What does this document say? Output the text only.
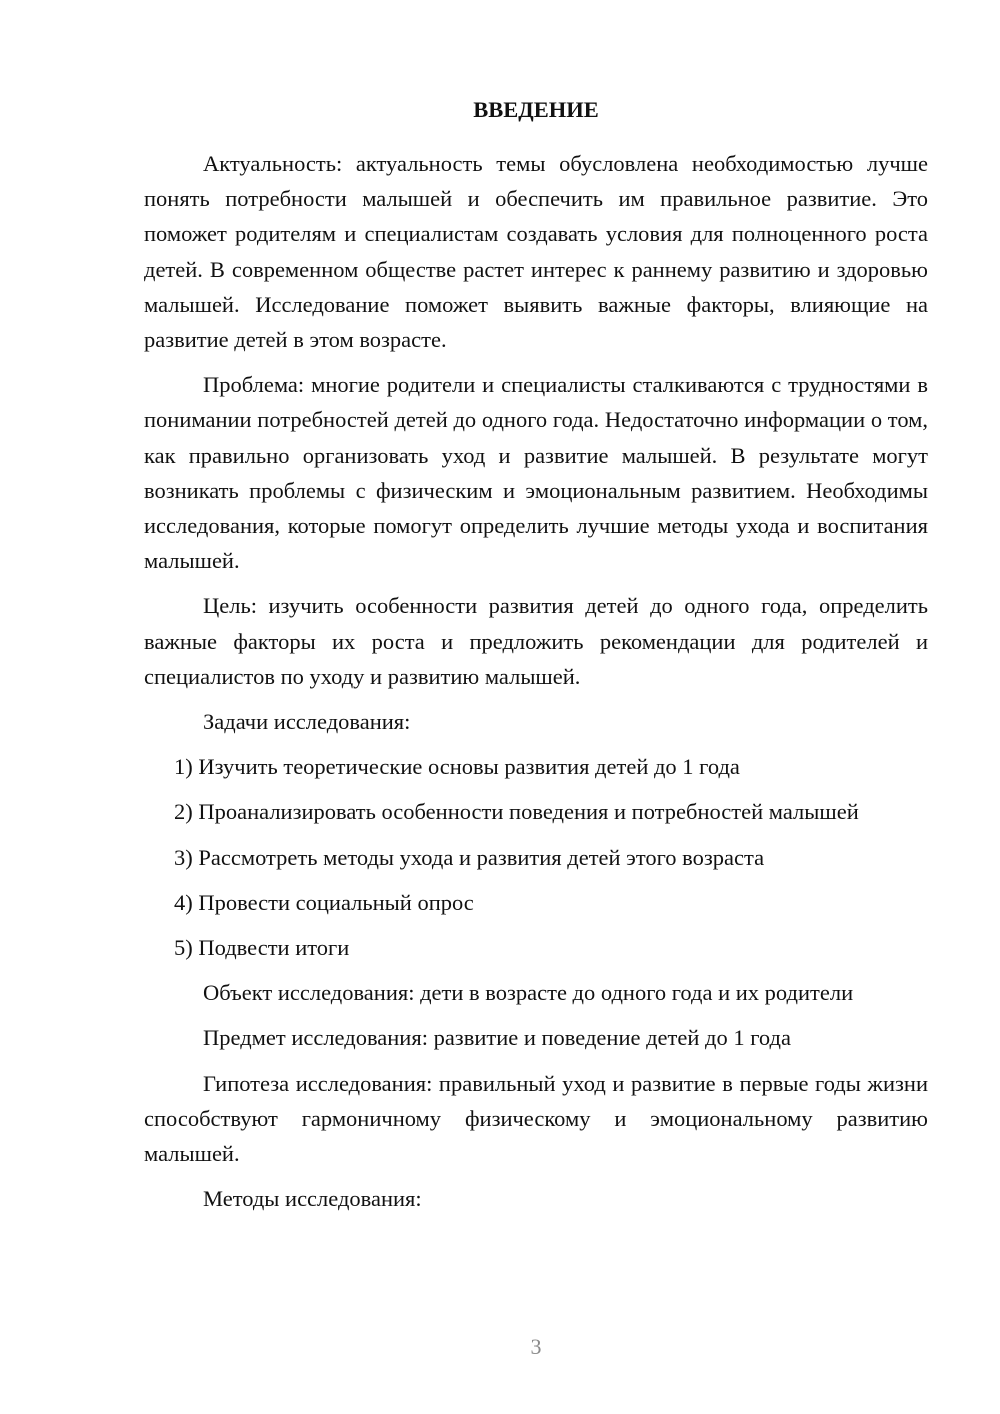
ВВЕДЕНИЕ

Актуальность: актуальность темы обусловлена необходимостью лучше понять потребности малышей и обеспечить им правильное развитие. Это поможет родителям и специалистам создавать условия для полноценного роста детей. В современном обществе растет интерес к раннему развитию и здоровью малышей. Исследование поможет выявить важные факторы, влияющие на развитие детей в этом возрасте.

Проблема: многие родители и специалисты сталкиваются с трудностями в понимании потребностей детей до одного года. Недостаточно информации о том, как правильно организовать уход и развитие малышей. В результате могут возникать проблемы с физическим и эмоциональным развитием. Необходимы исследования, которые помогут определить лучшие методы ухода и воспитания малышей.

Цель: изучить особенности развития детей до одного года, определить важные факторы их роста и предложить рекомендации для родителей и специалистов по уходу и развитию малышей.

Задачи исследования:

1) Изучить теоретические основы развития детей до 1 года

2) Проанализировать особенности поведения и потребностей малышей

3) Рассмотреть методы ухода и развития детей этого возраста

4) Провести социальный опрос

5) Подвести итоги

Объект исследования: дети в возрасте до одного года и их родители

Предмет исследования: развитие и поведение детей до 1 года

Гипотеза исследования: правильный уход и развитие в первые годы жизни способствуют гармоничному физическому и эмоциональному развитию малышей.

Методы исследования:

3
